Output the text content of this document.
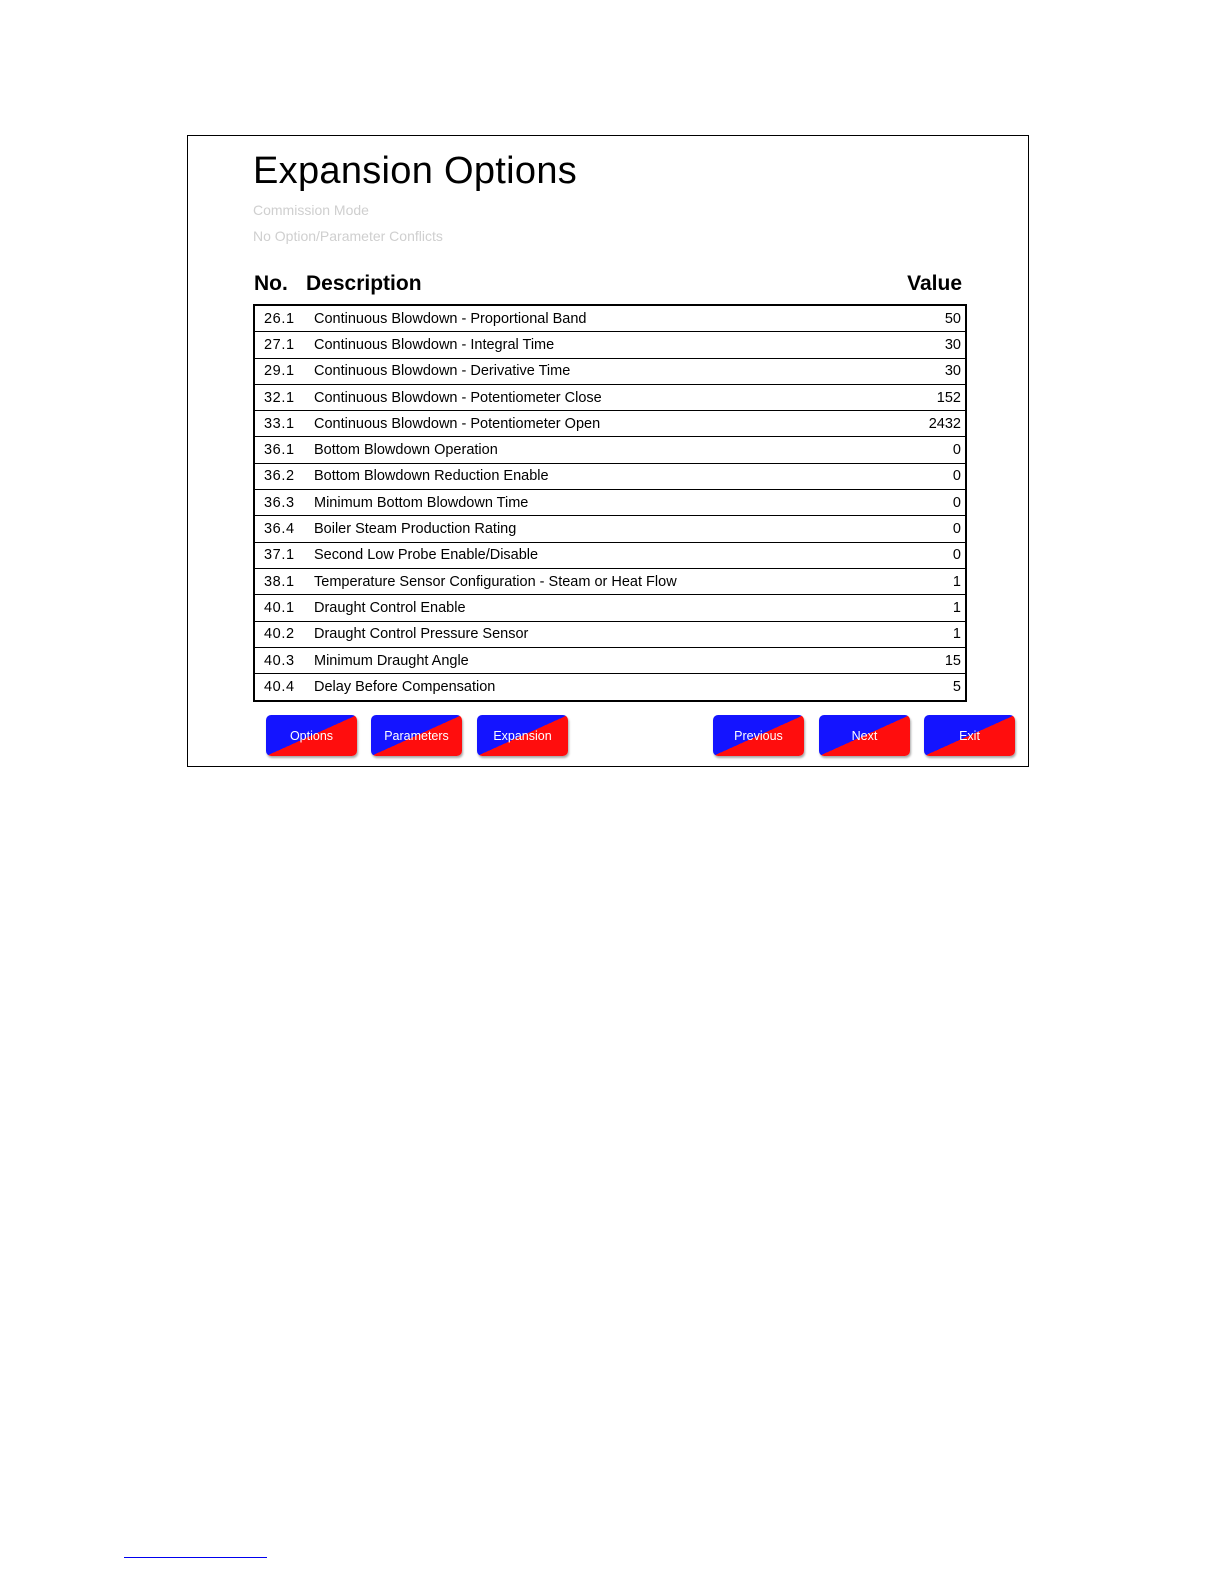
Expansion Options
Commission Mode
No Option/Parameter Conflicts
No. Description	Value
26.1	Continuous Blowdown - Proportional Band	50
27.1	Continuous Blowdown - Integral Time	30
29.1	Continuous Blowdown - Derivative Time	30
32.1	Continuous Blowdown - Potentiometer Close	152
33.1	Continuous Blowdown - Potentiometer Open	2432
36.1	Bottom Blowdown Operation	0
36.2	Bottom Blowdown Reduction Enable	0
36.3	Minimum Bottom Blowdown Time	0
36.4	Boiler Steam Production Rating	0
37.1	Second Low Probe Enable/Disable	0
38.1	Temperature Sensor Configuration - Steam or Heat Flow	1
40.1	Draught Control Enable	1
40.2	Draught Control Pressure Sensor	1
40.3	Minimum Draught Angle	15
40.4	Delay Before Compensation	5
Options	Parameters	Expansion	Previous	Next	Exit
